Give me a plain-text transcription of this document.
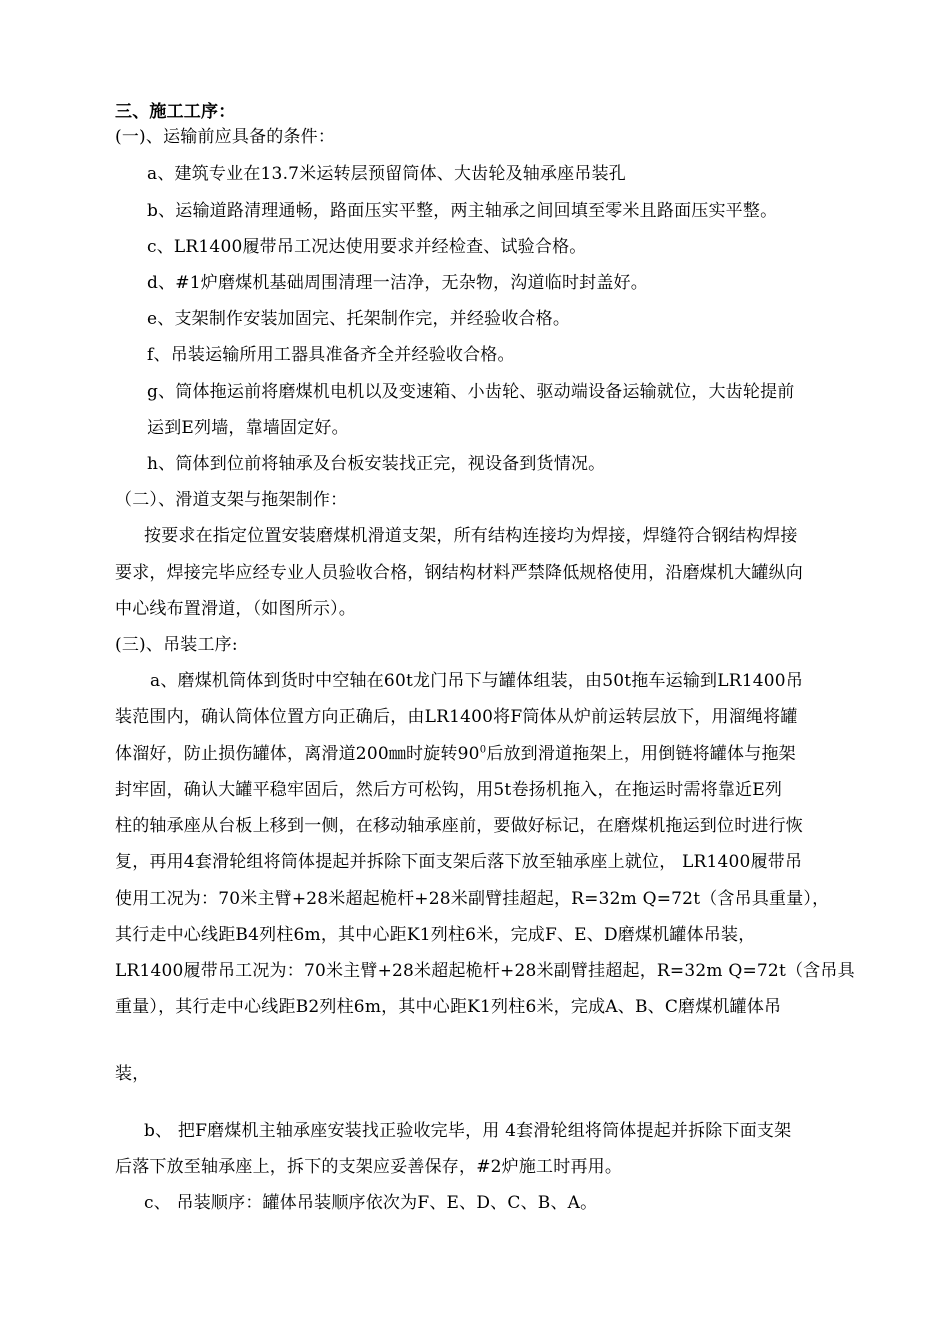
三、施工工序：
(一)、运输前应具备的条件：
a、建筑专业在13.7米运转层预留筒体、大齿轮及轴承座吊装孔
b、运输道路清理通畅，路面压实平整，两主轴承之间回填至零米且路面压实平整。
c、LR1400履带吊工况达使用要求并经检查、试验合格。
d、#1炉磨煤机基础周围清理一洁净，无杂物，沟道临时封盖好。
e、支架制作安装加固完、托架制作完，并经验收合格。
f、吊装运输所用工器具准备齐全并经验收合格。
g、筒体拖运前将磨煤机电机以及变速箱、小齿轮、驱动端设备运输就位，大齿轮提前
运到E列墙，靠墙固定好。
h、筒体到位前将轴承及台板安装找正完，视设备到货情况。
（二）、滑道支架与拖架制作：
按要求在指定位置安装磨煤机滑道支架，所有结构连接均为焊接，焊缝符合钢结构焊接
要求，焊接完毕应经专业人员验收合格，钢结构材料严禁降低规格使用，沿磨煤机大罐纵向
中心线布置滑道，（如图所示）。
(三)、吊装工序:
a、磨煤机筒体到货时中空轴在60t龙门吊下与罐体组装，由50t拖车运输到LR1400吊
装范围内，确认筒体位置方向正确后，由LR1400将F筒体从炉前运转层放下，用溜绳将罐
体溜好，防止损伤罐体，离滑道200㎜时旋转$90^0$后放到滑道拖架上，用倒链将罐体与拖架
封牢固，确认大罐平稳牢固后，然后方可松钩，用5t卷扬机拖入，在拖运时需将靠近E列
柱的轴承座从台板上移到一侧，在移动轴承座前，要做好标记，在磨煤机拖运到位时进行恢
复，再用4套滑轮组将筒体提起并拆除下面支架后落下放至轴承座上就位， LR1400履带吊
使用工况为：70米主臂+28米超起桅杆+28米副臂挂超起，R=32m Q=72t（含吊具重量），
其行走中心线距B4列柱6m，其中心距K1列柱6米，完成F、E、D磨煤机罐体吊装，
LR1400履带吊工况为：70米主臂+28米超起桅杆+28米副臂挂超起，R=32m Q=72t（含吊具
重量），其行走中心线距B2列柱6m，其中心距K1列柱6米，完成A、B、C磨煤机罐体吊
装，
b、 把F磨煤机主轴承座安装找正验收完毕，用 4套滑轮组将筒体提起并拆除下面支架
后落下放至轴承座上，拆下的支架应妥善保存，#2炉施工时再用。
c、 吊装顺序：罐体吊装顺序依次为F、E、D、C、B、A。
